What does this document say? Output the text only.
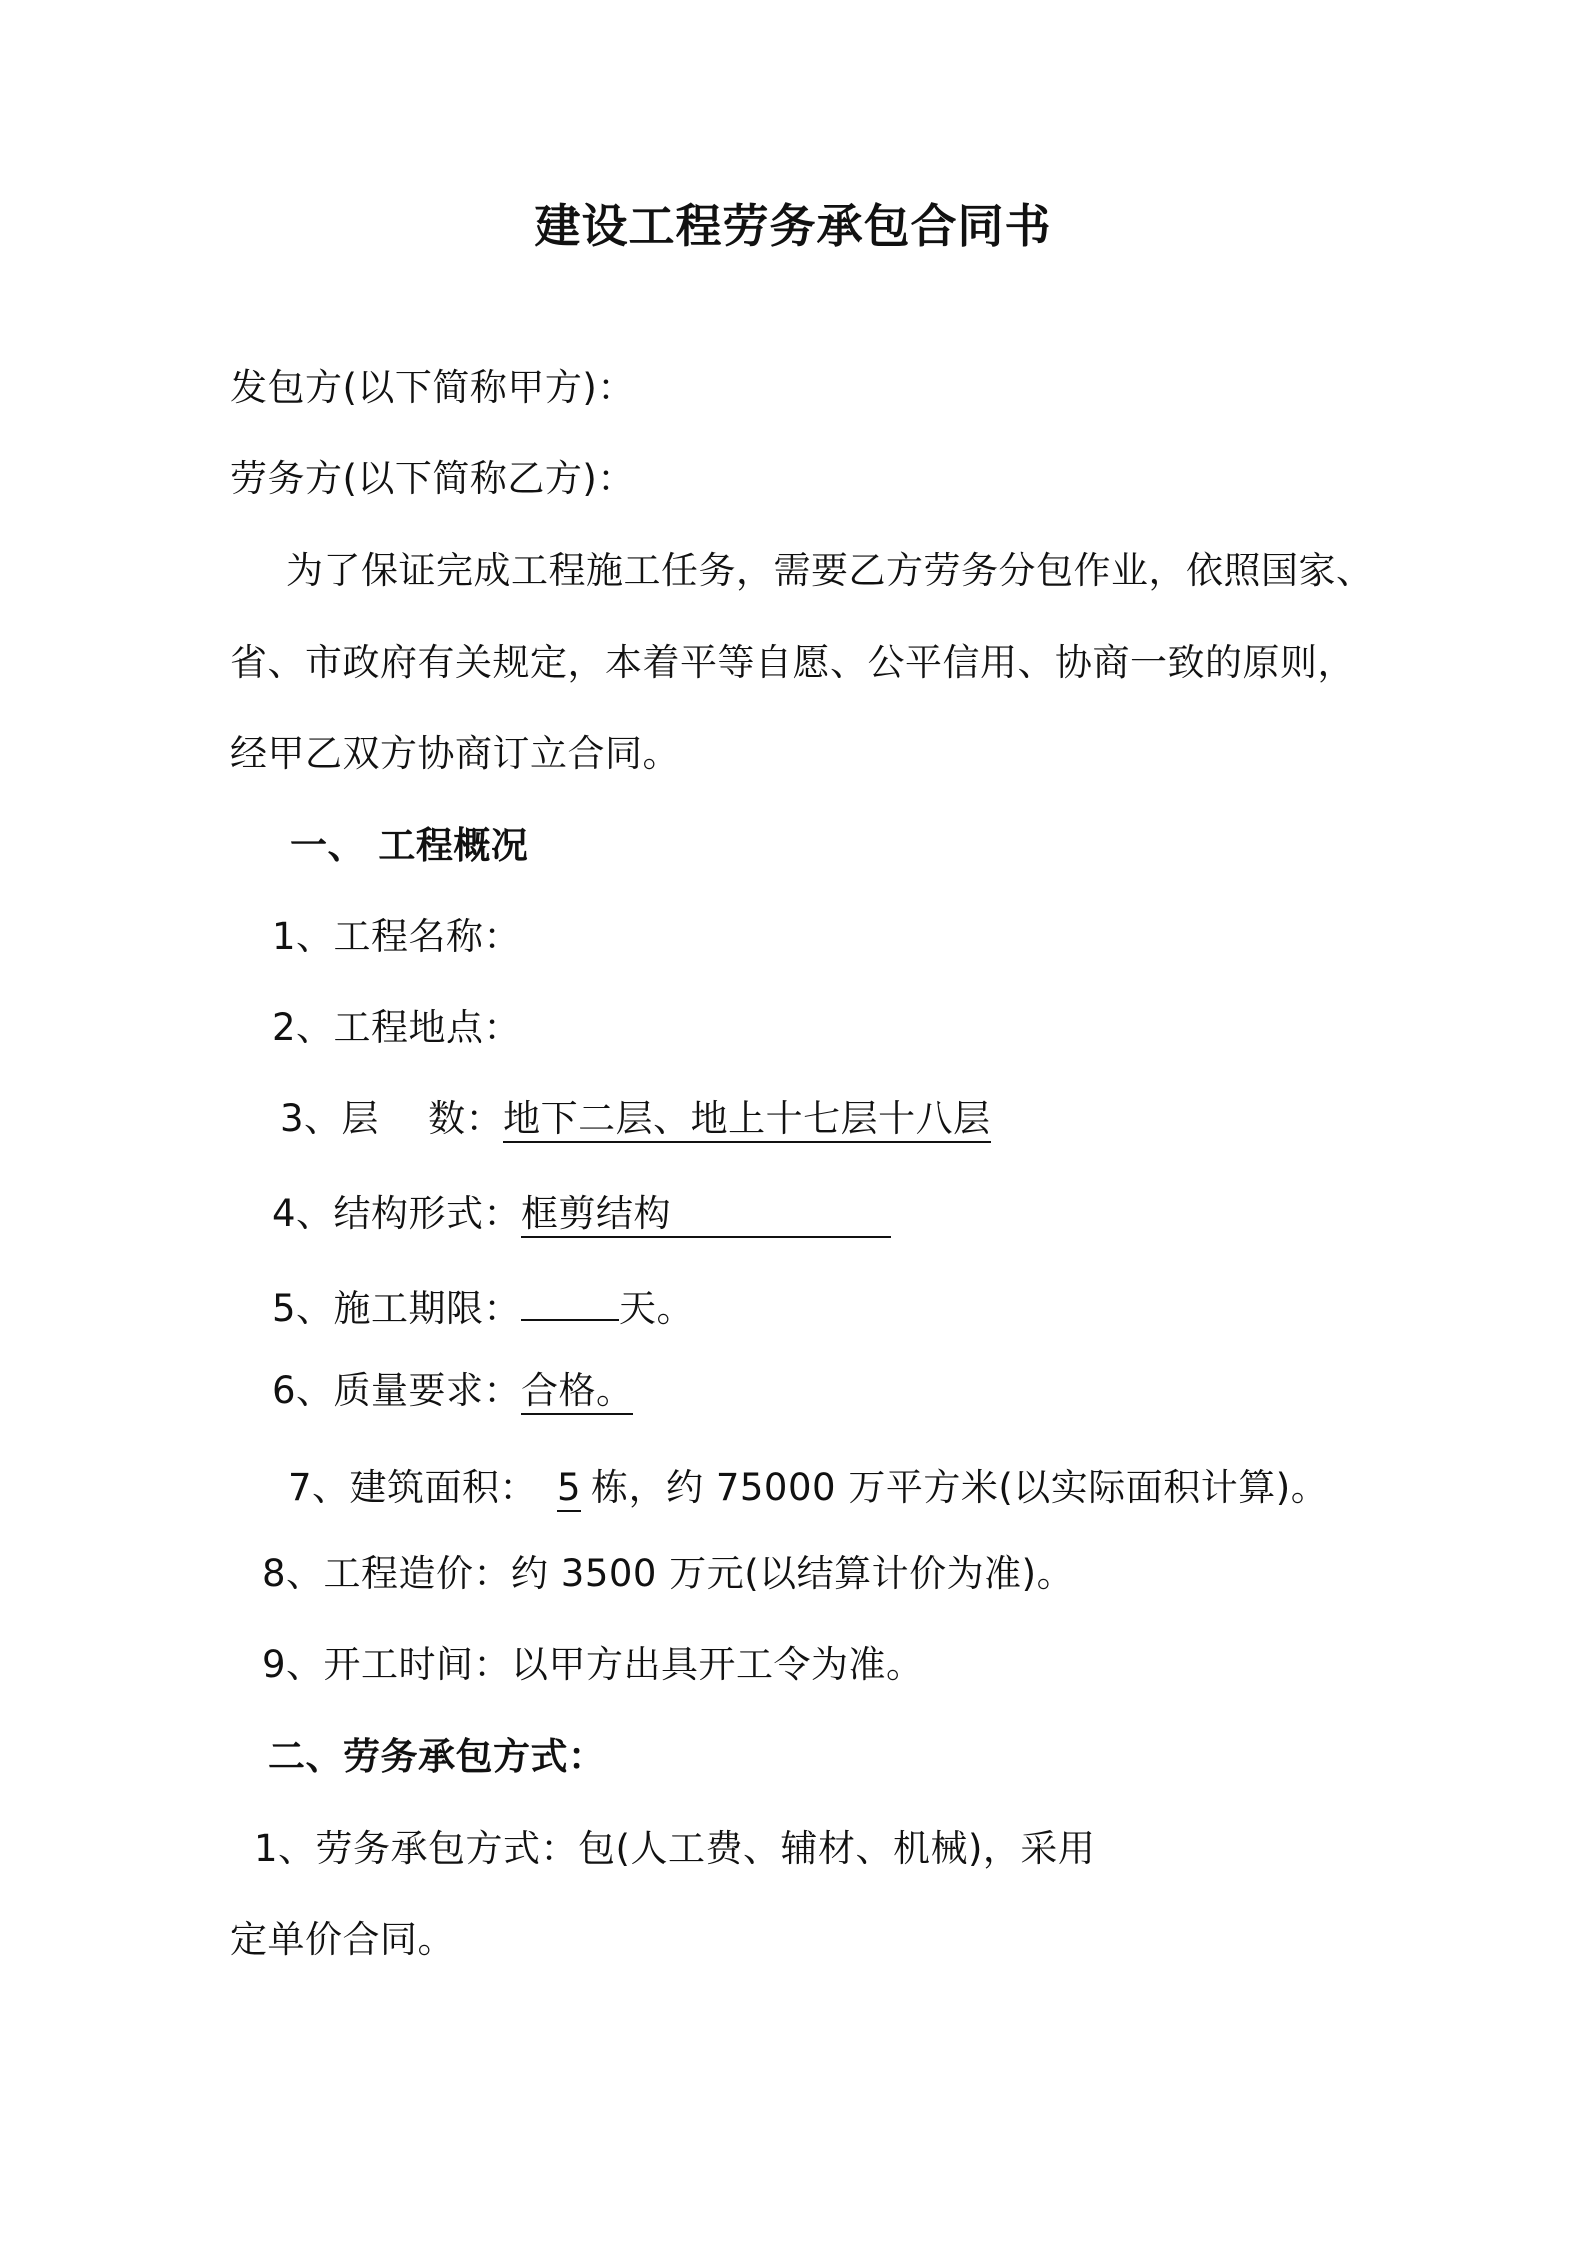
建设工程劳务承包合同书
发包方(以下简称甲方)：
劳务方(以下简称乙方)：
为了保证完成工程施工任务，需要乙方劳务分包作业，依照国家、
省、市政府有关规定，本着平等自愿、公平信用、协商一致的原则，
经甲乙双方协商订立合同。
一、 工程概况
1、工程名称：
2、工程地点：
3、层    数：地下二层、地上十七层十八层
4、结构形式：框剪结构
5、施工期限：	天。
6、质量要求：合格。
7、建筑面积： 5 栋，约 75000 万平方米(以实际面积计算)。
8、工程造价：约 3500 万元(以结算计价为准)。
9、开工时间：以甲方出具开工令为准。
二、劳务承包方式：
1、劳务承包方式：包(人工费、辅材、机械)，采用
定单价合同。
